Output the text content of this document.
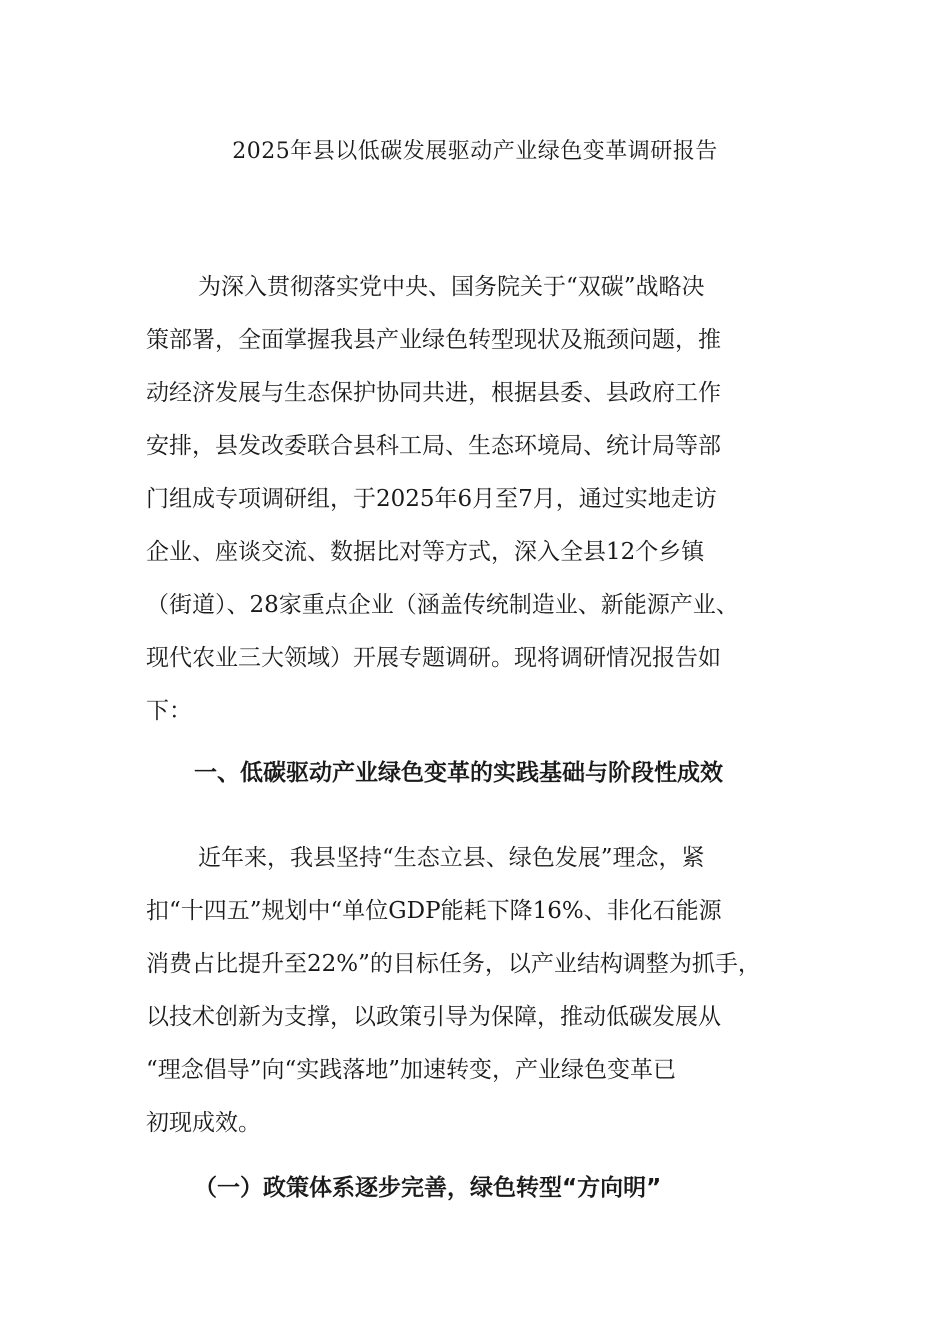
2025年县以低碳发展驱动产业绿色变革调研报告
为深入贯彻落实党中央、国务院关于“双碳”战略决
策部署，全面掌握我县产业绿色转型现状及瓶颈问题，推
动经济发展与生态保护协同共进，根据县委、县政府工作
安排，县发改委联合县科工局、生态环境局、统计局等部
门组成专项调研组，于2025年6月至7月，通过实地走访
企业、座谈交流、数据比对等方式，深入全县12个乡镇
（街道）、28家重点企业（涵盖传统制造业、新能源产业、
现代农业三大领域）开展专题调研。现将调研情况报告如
下：
一、低碳驱动产业绿色变革的实践基础与阶段性成效
近年来，我县坚持“生态立县、绿色发展”理念，紧
扣“十四五”规划中“单位GDP能耗下降16%、非化石能源
消费占比提升至22%”的目标任务，以产业结构调整为抓手，
以技术创新为支撑，以政策引导为保障，推动低碳发展从
“理念倡导”向“实践落地”加速转变，产业绿色变革已
初现成效。
（一）政策体系逐步完善，绿色转型“方向明”
